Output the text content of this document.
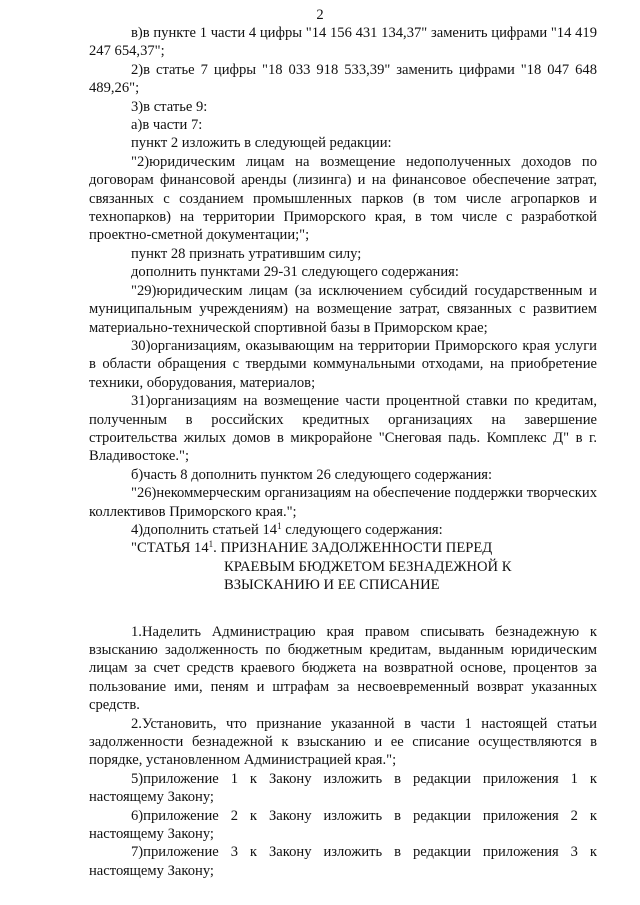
2

в)в пункте 1 части 4 цифры "14 156 431 134,37" заменить цифрами "14 419 247 654,37";

2)в статье 7 цифры "18 033 918 533,39" заменить цифрами "18 047 648 489,26";

3)в статье 9:

а)в части 7:

пункт 2 изложить в следующей редакции:

"2)юридическим лицам на возмещение недополученных доходов по договорам финансовой аренды (лизинга) и на финансовое обеспечение затрат, связанных с созданием промышленных парков (в том числе агропарков и технопарков) на территории Приморского края, в том числе с разработкой проектно-сметной документации;";

пункт 28 признать утратившим силу;

дополнить пунктами 29-31 следующего содержания:

"29)юридическим лицам (за исключением субсидий государственным и муниципальным учреждениям) на возмещение затрат, связанных с развитием материально-технической спортивной базы в Приморском крае;

30)организациям, оказывающим на территории Приморского края услуги в области обращения с твердыми коммунальными отходами, на приобретение техники, оборудования, материалов;

31)организациям на возмещение части процентной ставки по кредитам, полученным в российских кредитных организациях на завершение строительства жилых домов в микрорайоне "Снеговая падь. Комплекс Д" в г. Владивостоке.";

б)часть 8 дополнить пунктом 26 следующего содержания:

"26)некоммерческим организациям на обеспечение поддержки творческих коллективов Приморского края.";

4)дополнить статьей $14^1$ следующего содержания:

"СТАТЬЯ $14^1$. ПРИЗНАНИЕ ЗАДОЛЖЕННОСТИ ПЕРЕД
КРАЕВЫМ БЮДЖЕТОМ БЕЗНАДЕЖНОЙ К
ВЗЫСКАНИЮ И ЕЕ СПИСАНИЕ

1.Наделить Администрацию края правом списывать безнадежную к взысканию задолженность по бюджетным кредитам, выданным юридическим лицам за счет средств краевого бюджета на возвратной основе, процентов за пользование ими, пеням и штрафам за несвоевременный возврат указанных средств.

2.Установить, что признание указанной в части 1 настоящей статьи задолженности безнадежной к взысканию и ее списание осуществляются в порядке, установленном Администрацией края.";

5)приложение 1 к Закону изложить в редакции приложения 1 к настоящему Закону;

6)приложение 2 к Закону изложить в редакции приложения 2 к настоящему Закону;

7)приложение 3 к Закону изложить в редакции приложения 3 к настоящему Закону;
